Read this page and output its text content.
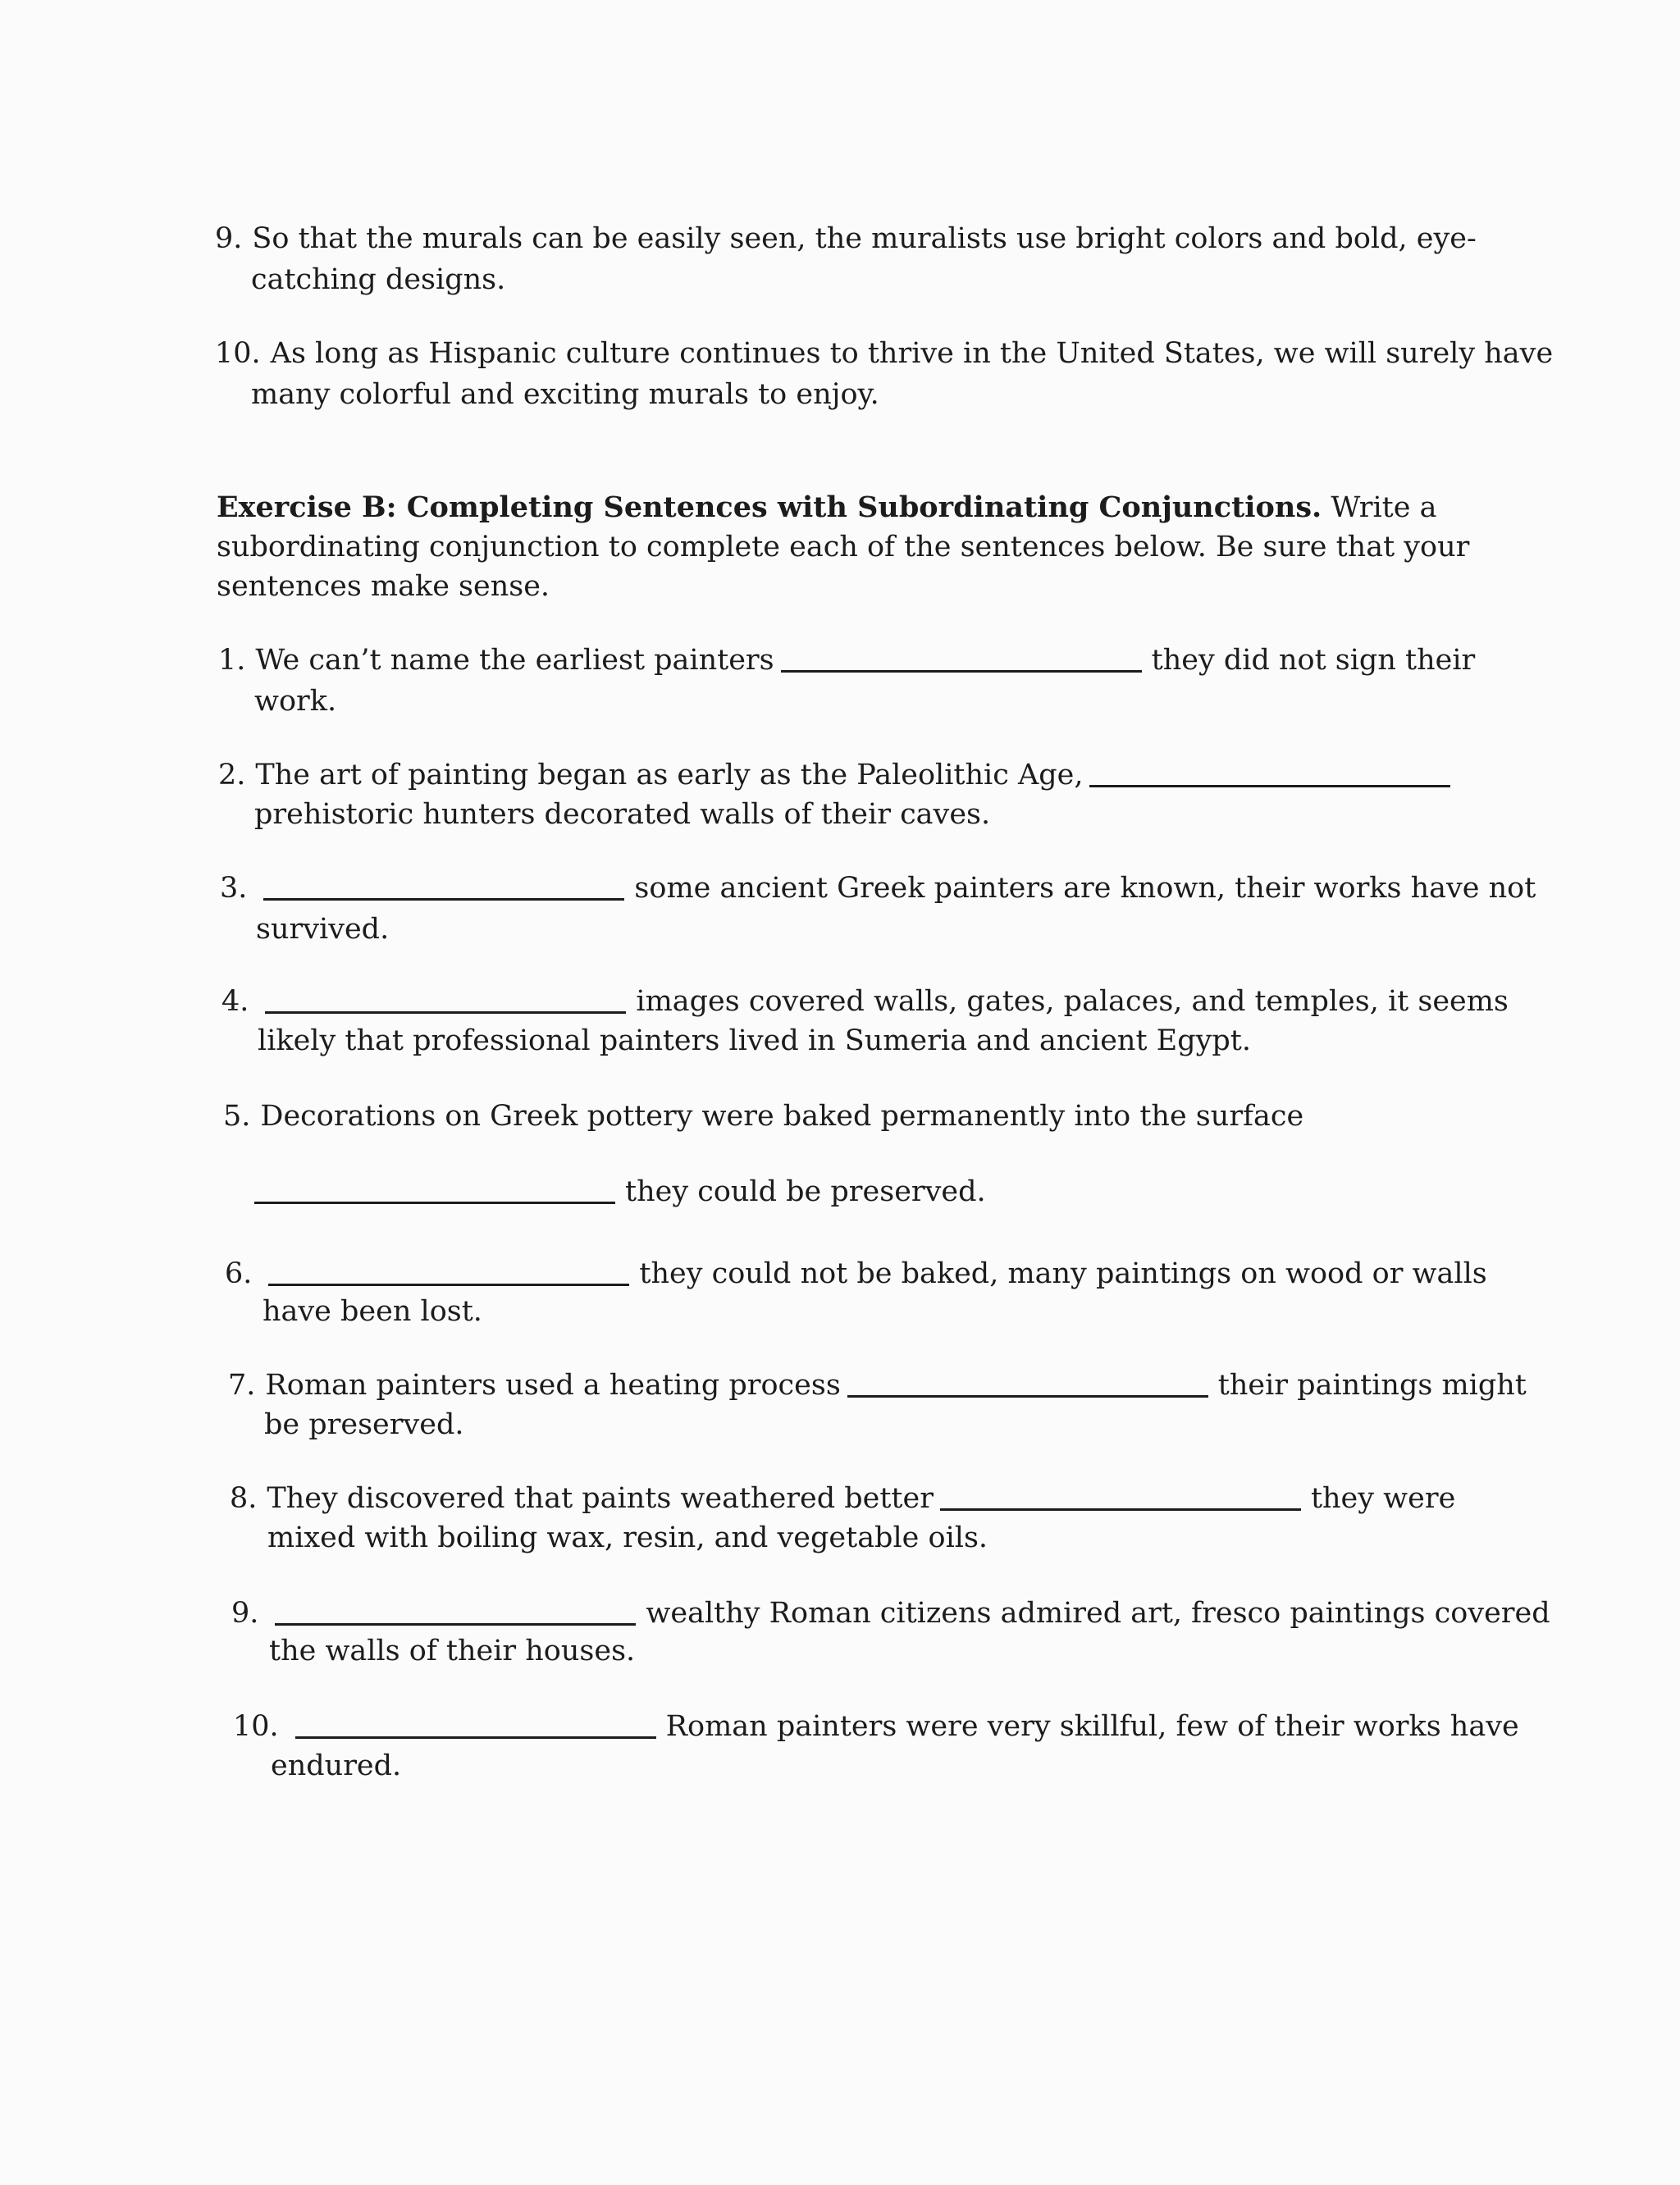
9. So that the murals can be easily seen, the muralists use bright colors and bold, eye-
catching designs.
10. As long as Hispanic culture continues to thrive in the United States, we will surely have
many colorful and exciting murals to enjoy.
Exercise B: Completing Sentences with Subordinating Conjunctions. Write a
subordinating conjunction to complete each of the sentences below. Be sure that your
sentences make sense.
1. We can’t name the earliest painters	they did not sign their
work.
2. The art of painting began as early as the Paleolithic Age,
prehistoric hunters decorated walls of their caves.
3.	some ancient Greek painters are known, their works have not
survived.
4.	images covered walls, gates, palaces, and temples, it seems
likely that professional painters lived in Sumeria and ancient Egypt.
5. Decorations on Greek pottery were baked permanently into the surface
they could be preserved.
6.	they could not be baked, many paintings on wood or walls
have been lost.
7. Roman painters used a heating process	their paintings might
be preserved.
8. They discovered that paints weathered better	they were
mixed with boiling wax, resin, and vegetable oils.
9.	wealthy Roman citizens admired art, fresco paintings covered
the walls of their houses.
10.	Roman painters were very skillful, few of their works have
endured.
